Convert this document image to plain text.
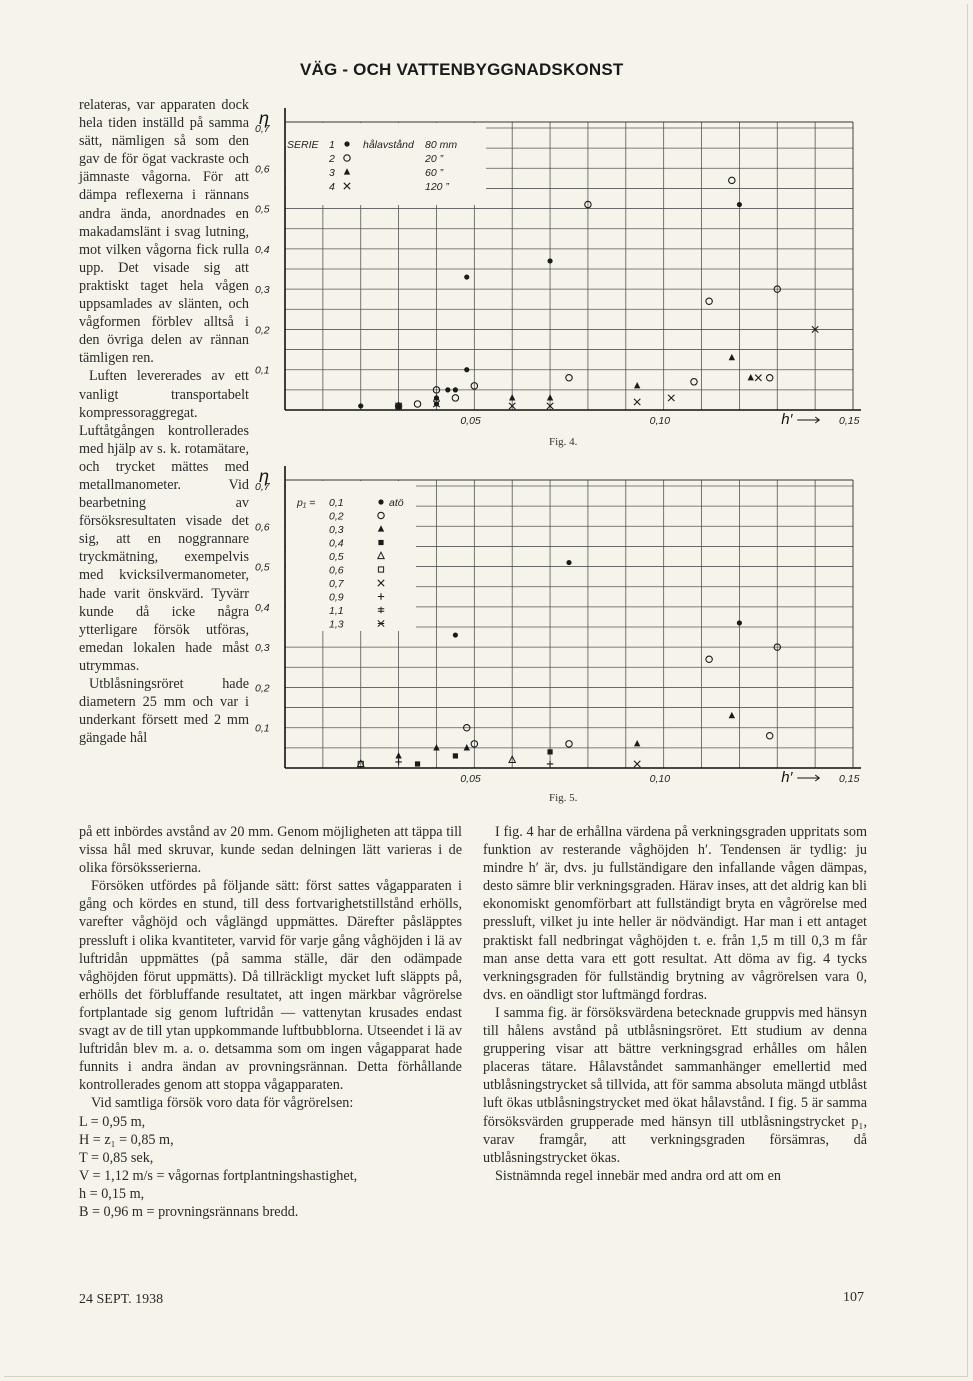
VÄG - OCH VATTENBYGGNADSKONST
η
0,1
0,2
0,3
0,4
0,5
0,6
0,7
0,05	0,10	0,15
h′
SERIE	hålavstånd
1	80 mm
2	20 ”
3	60 ”
4	120 ”
Fig. 4.
η
0,1
0,2
0,3
0,4
0,5
0,6
0,7
0,05	0,10	0,15
h′
p₁ =	atö
0,1
0,2
0,3
0,4
0,5
0,6
0,7
0,9
1,1
1,3
Fig. 5.

relateras, var apparaten dock hela tiden inställd på samma sätt, nämligen så som den gav de för ögat vackraste och jämnaste vågorna. För att dämpa reflexerna i rännans andra ända, anordnades en makadamslänt i svag lutning, mot vilken vågorna fick rulla upp. Det visade sig att praktiskt taget hela vågen uppsamlades av slänten, och vågformen förblev alltså i den övriga delen av rännan tämligen ren.

Luften levererades av ett vanligt transportabelt kompressoraggregat. Luftåtgången kontrollerades med hjälp av s. k. rotamätare, och trycket mättes med metallmanometer. Vid bearbetning av försöksresultaten visade det sig, att en noggrannare tryckmätning, exempelvis med kvicksilvermanometer, hade varit önskvärd. Tyvärr kunde då icke några ytterligare försök utföras, emedan lokalen hade måst utrymmas.

Utblåsningsröret hade diametern 25 mm och var i underkant försett med 2 mm gängade hål

på ett inbördes avstånd av 20 mm. Genom möjligheten att täppa till vissa hål med skruvar, kunde sedan delningen lätt varieras i de olika försöksserierna.

Försöken utfördes på följande sätt: först sattes vågapparaten i gång och kördes en stund, till dess fortvarighetstillstånd erhölls, varefter våghöjd och våglängd uppmättes. Därefter påsläpptes pressluft i olika kvantiteter, varvid för varje gång våghöjden i lä av luftridån uppmättes (på samma ställe, där den odämpade våghöjden förut uppmätts). Då tillräckligt mycket luft släppts på, erhölls det förbluffande resultatet, att ingen märkbar vågrörelse fortplantade sig genom luftridån — vattenytan krusades endast svagt av de till ytan uppkommande luftbubblorna. Utseendet i lä av luftridån blev m. a. o. detsamma som om ingen vågapparat hade funnits i andra ändan av provningsrännan. Detta förhållande kontrollerades genom att stoppa vågapparaten.

Vid samtliga försök voro data för vågrörelsen:

L = 0,95 m,
H = z₁ = 0,85 m,
T = 0,85 sek,
V = 1,12 m/s = vågornas fortplantningshastighet,
h = 0,15 m,
B = 0,96 m = provningsrännans bredd.

I fig. 4 har de erhållna värdena på verkningsgraden uppritats som funktion av resterande våghöjden h′. Tendensen är tydlig: ju mindre h′ är, dvs. ju fullständigare den infallande vågen dämpas, desto sämre blir verkningsgraden. Härav inses, att det aldrig kan bli ekonomiskt genomförbart att fullständigt bryta en vågrörelse med pressluft, vilket ju inte heller är nödvändigt. Har man i ett antaget praktiskt fall nedbringat våghöjden t. e. från 1,5 m till 0,3 m får man anse detta vara ett gott resultat. Att döma av fig. 4 tycks verkningsgraden för fullständig brytning av vågrörelsen vara 0, dvs. en oändligt stor luftmängd fordras.

I samma fig. är försöksvärdena betecknade gruppvis med hänsyn till hålens avstånd på utblåsningsröret. Ett studium av denna gruppering visar att bättre verkningsgrad erhålles om hålen placeras tätare. Hålavståndet sammanhänger emellertid med utblåsningstrycket så tillvida, att för samma absoluta mängd utblåst luft ökas utblåsningstrycket med ökat hålavstånd. I fig. 5 är samma försöksvärden grupperade med hänsyn till utblåsningstrycket p₁, varav framgår, att verkningsgraden försämras, då utblåsningstrycket ökas.

Sistnämnda regel innebär med andra ord att om en

24 SEPT. 1938	107
